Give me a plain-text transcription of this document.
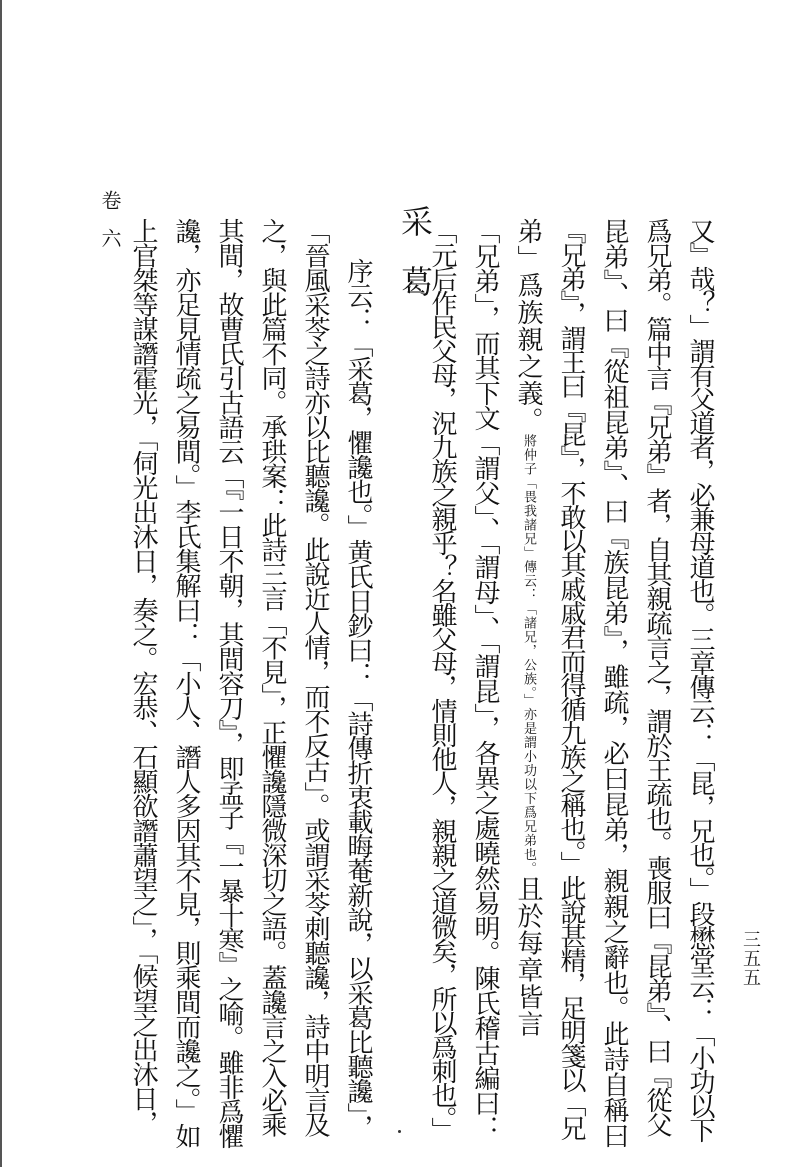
卷六	采葛
三五五
又』哉？」謂有父道者，必兼母道也。三章傳云：「昆，兄也。」段懋堂云：「小功以下
爲兄弟。篇中言『兄弟』者，自其親疏言之，謂於王疏也。喪服曰『昆弟』、曰『從父
昆弟』、曰『從祖昆弟』、曰『族昆弟』，雖疏，必曰昆弟，親親之辭也。此詩自稱曰
『兄弟』，謂王曰『昆』，不敢以其戚戚君而得循九族之稱也。」此說甚精，足明箋以「兄
弟」爲族親之義。將仲子「畏我諸兄」傳云：「諸兄，公族。」亦是謂小功以下爲兄弟也。且於每章皆言
「兄弟」，而其下文「謂父」、「謂母」、「謂昆」，各異之處曉然易明。陳氏稽古編曰：
「元后作民父母，況九族之親乎？名雖父母，情則他人，親親之道微矣，所以爲刺也。」
序云：「采葛，懼讒也。」黄氏日鈔曰：「詩傳折衷載晦菴新說，以采葛比聽讒」，
「晉風采苓之詩亦以比聽讒。此說近人情，而不反古」。或謂采苓刺聽讒，詩中明言及
之，與此篇不同。承珙案：此詩三言「不見」，正懼讒隱微深切之語。蓋讒言之入必乘
其間，故曹氏引古語云「『一日不朝，其間容刀』，即孟子『一暴十寒』之喻。雖非爲懼
讒，亦足見情疏之易間。」李氏集解曰：「小人、譖人多因其不見，則乘間而讒之。」如
上官桀等謀譖霍光，「伺光出沐日，奏之。宏恭、石顯欲譖蕭望之」，「候望之出沐日，
